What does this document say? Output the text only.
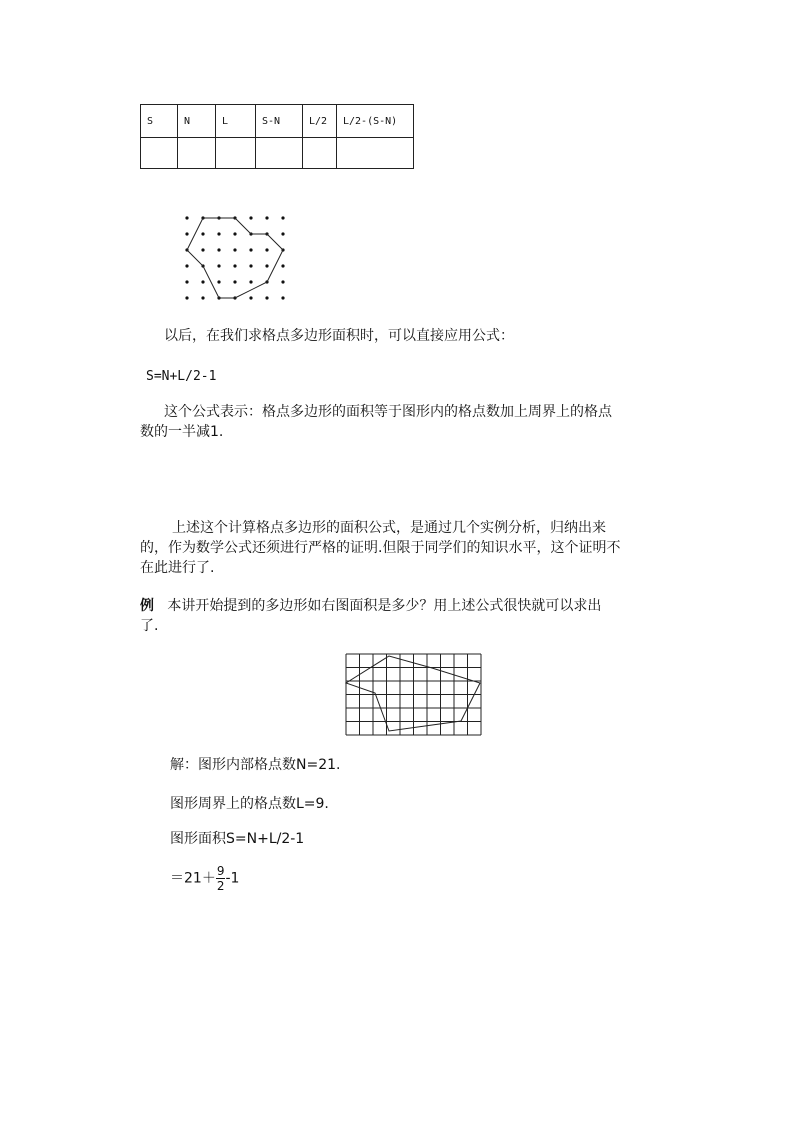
S	N	L	S-N	L/2	L/2-(S-N)

以后，在我们求格点多边形面积时，可以直接应用公式：
S=N+L/2-1
这个公式表示：格点多边形的面积等于图形内的格点数加上周界上的格点
数的一半减1.
上述这个计算格点多边形的面积公式，是通过几个实例分析，归纳出来
的，作为数学公式还须进行严格的证明.但限于同学们的知识水平，这个证明不
在此进行了.
例 本讲开始提到的多边形如右图面积是多少？用上述公式很快就可以求出
了.
解：图形内部格点数N=21.
图形周界上的格点数L=9.
图形面积S=N+L/2-1
$=21+ \frac{9}{2} -1$
